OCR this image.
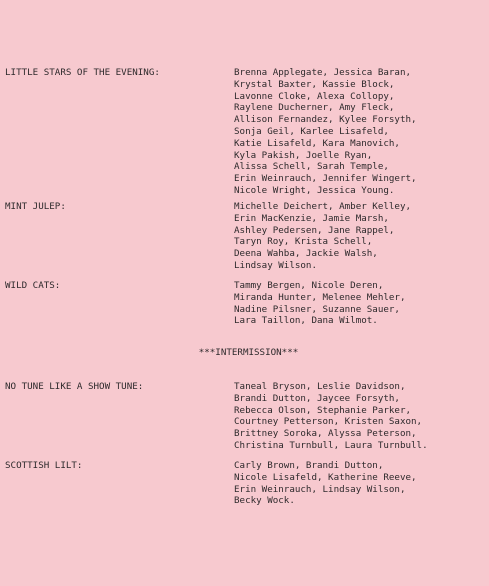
LITTLE STARS OF THE EVENING:	Brenna Applegate, Jessica Baran,
Krystal Baxter, Kassie Block,
Lavonne Cloke, Alexa Collopy,
Raylene Ducherner, Amy Fleck,
Allison Fernandez, Kylee Forsyth,
Sonja Geil, Karlee Lisafeld,
Katie Lisafeld, Kara Manovich,
Kyla Pakish, Joelle Ryan,
Alissa Schell, Sarah Temple,
Erin Weinrauch, Jennifer Wingert,
Nicole Wright, Jessica Young.
MINT JULEP:	Michelle Deichert, Amber Kelley,
Erin MacKenzie, Jamie Marsh,
Ashley Pedersen, Jane Rappel,
Taryn Roy, Krista Schell,
Deena Wahba, Jackie Walsh,
Lindsay Wilson.
WILD CATS:	Tammy Bergen, Nicole Deren,
Miranda Hunter, Melenee Mehler,
Nadine Pilsner, Suzanne Sauer,
Lara Taillon, Dana Wilmot.
***INTERMISSION***
NO TUNE LIKE A SHOW TUNE:	Taneal Bryson, Leslie Davidson,
Brandi Dutton, Jaycee Forsyth,
Rebecca Olson, Stephanie Parker,
Courtney Petterson, Kristen Saxon,
Brittney Soroka, Alyssa Peterson,
Christina Turnbull, Laura Turnbull.
SCOTTISH LILT:	Carly Brown, Brandi Dutton,
Nicole Lisafeld, Katherine Reeve,
Erin Weinrauch, Lindsay Wilson,
Becky Wock.
